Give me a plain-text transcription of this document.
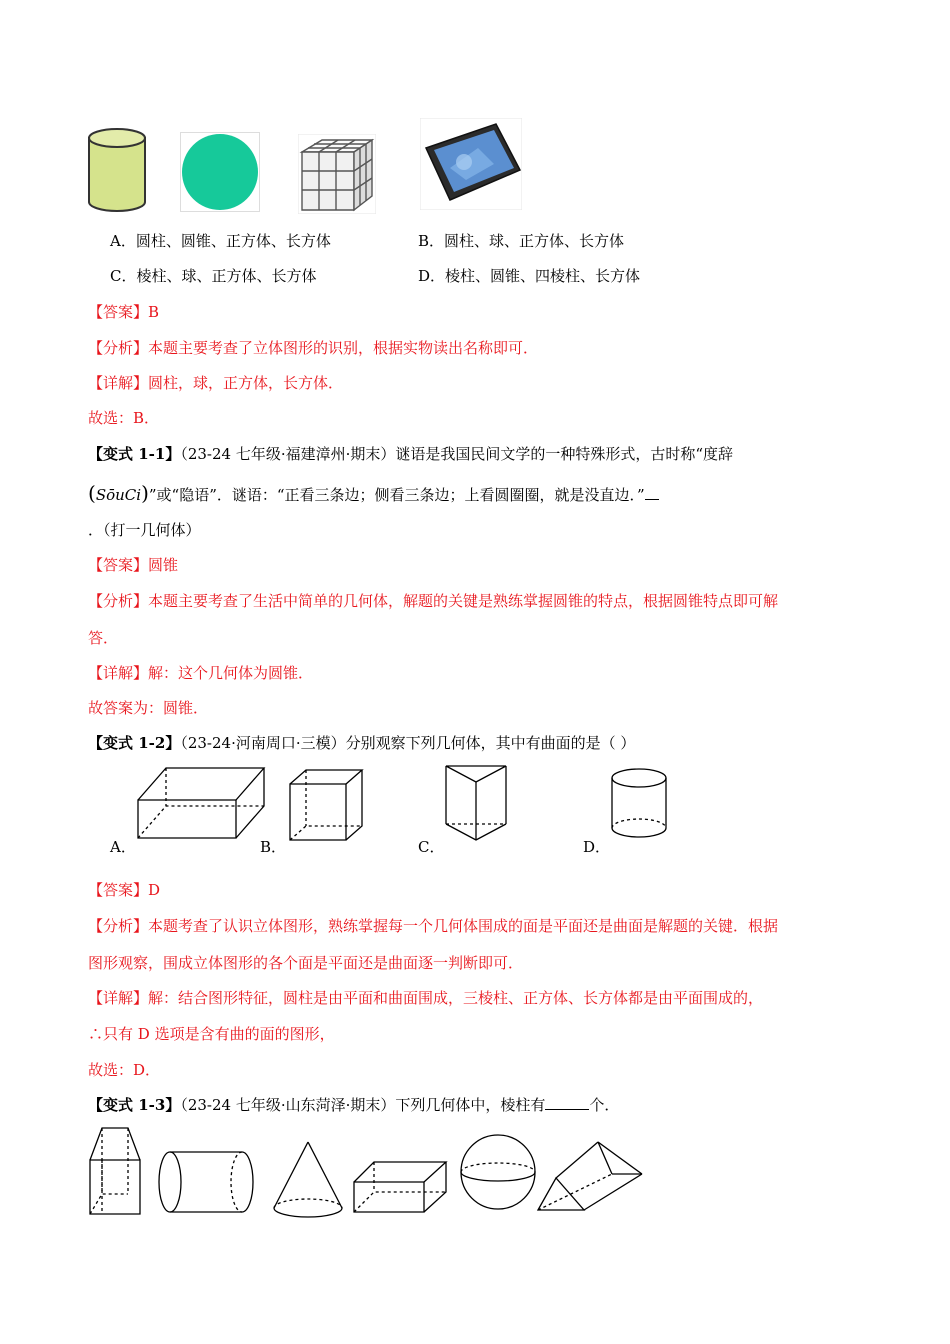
A．圆柱、圆锥、正方体、长方体	B．圆柱、球、正方体、长方体
C．棱柱、球、正方体、长方体	D．棱柱、圆锥、四棱柱、长方体
【答案】B
【分析】本题主要考查了立体图形的识别，根据实物读出名称即可．
【详解】圆柱，球，正方体，长方体．
故选：B．
【变式 1-1】（23-24 七年级·福建漳州·期末）谜语是我国民间文学的一种特殊形式，古时称“度辞
(SōuCi)”或“隐语”．谜语：“正看三条边；侧看三条边；上看圆圈圈，就是没直边．”
．（打一几何体）
【答案】圆锥
【分析】本题主要考查了生活中简单的几何体，解题的关键是熟练掌握圆锥的特点，根据圆锥特点即可解
答．
【详解】解：这个几何体为圆锥．
故答案为：圆锥．
【变式 1-2】（23-24·河南周口·三模）分别观察下列几何体，其中有曲面的是（ ）
A．	B．	C．	D．
【答案】D
【分析】本题考查了认识立体图形，熟练掌握每一个几何体围成的面是平面还是曲面是解题的关键．根据
图形观察，围成立体图形的各个面是平面还是曲面逐一判断即可．
【详解】解：结合图形特征，圆柱是由平面和曲面围成，三棱柱、正方体、长方体都是由平面围成的，
∴只有 D 选项是含有曲的面的图形，
故选：D．
【变式 1-3】（23-24 七年级·山东菏泽·期末）下列几何体中，棱柱有	个．
